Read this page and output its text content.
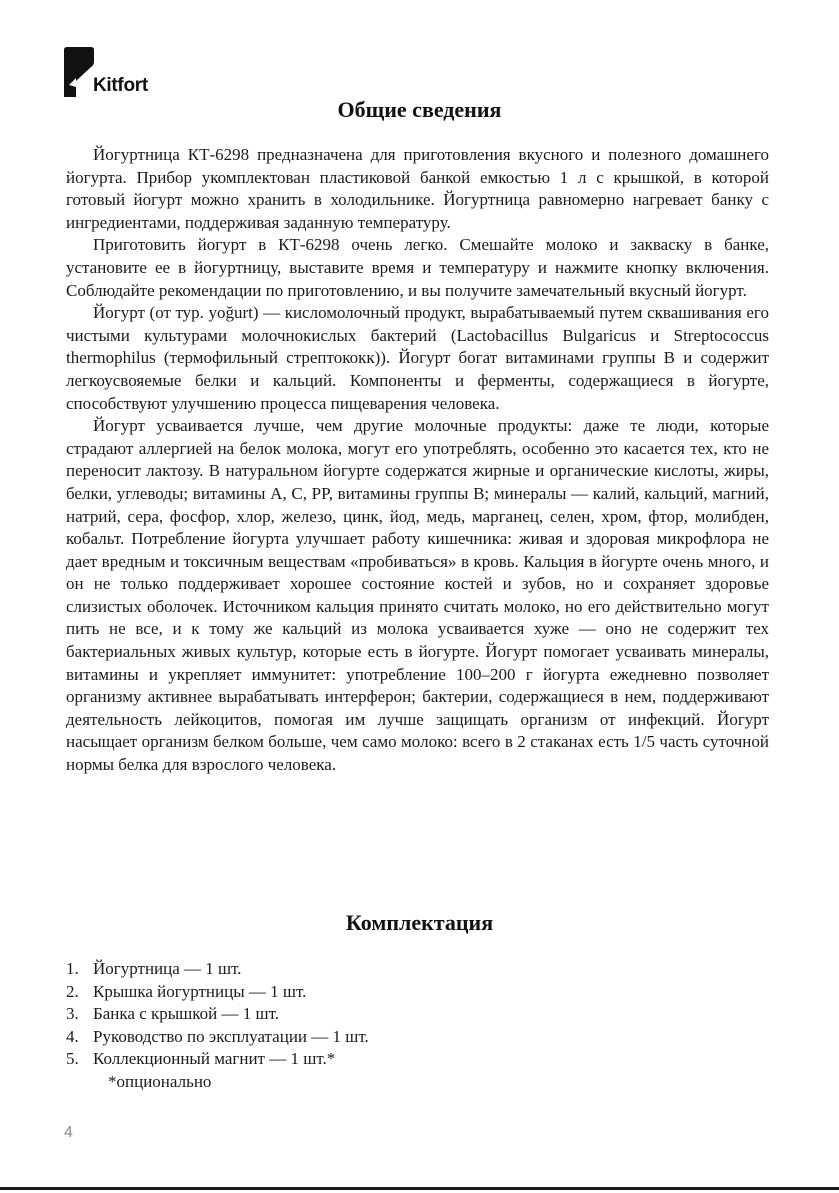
Kitfort
Общие сведения

Йогуртница КТ-6298 предназначена для приготовления вкусного и полезного домашнего йогурта. Прибор укомплектован пластиковой банкой емкостью 1 л с крышкой, в которой готовый йогурт можно хранить в холодильнике. Йогуртница равномерно нагревает банку с ингредиентами, поддерживая заданную температуру.

Приготовить йогурт в КТ-6298 очень легко. Смешайте молоко и закваску в банке, установите ее в йогуртницу, выставите время и температуру и нажмите кнопку включения. Соблюдайте рекомендации по приготовлению, и вы получите замечательный вкусный йогурт.

Йогурт (от тур. yoğurt) — кисломолочный продукт, вырабатываемый путем сквашивания его чистыми культурами молочнокислых бактерий (Lactobacillus Bulgaricus и Streptococcus thermophilus (термофильный стрептококк)). Йогурт богат витаминами группы В и содержит легкоусвояемые белки и кальций. Компоненты и ферменты, содержащиеся в йогурте, способствуют улучшению процесса пищеварения человека.

Йогурт усваивается лучше, чем другие молочные продукты: даже те люди, которые страдают аллергией на белок молока, могут его употреблять, особенно это касается тех, кто не переносит лактозу. В натуральном йогурте содержатся жирные и органические кислоты, жиры, белки, углеводы; витамины A, C, PP, витамины группы В; минералы — калий, кальций, магний, натрий, сера, фосфор, хлор, железо, цинк, йод, медь, марганец, селен, хром, фтор, молибден, кобальт. Потребление йогурта улучшает работу кишечника: живая и здоровая микрофлора не дает вредным и токсичным веществам «пробиваться» в кровь. Кальция в йогурте очень много, и он не только поддерживает хорошее состояние костей и зубов, но и сохраняет здоровье слизистых оболочек. Источником кальция принято считать молоко, но его действительно могут пить не все, и к тому же кальций из молока усваивается хуже — оно не содержит тех бактериальных живых культур, которые есть в йогурте. Йогурт помогает усваивать минералы, витамины и укрепляет иммунитет: употребление 100–200 г йогурта ежедневно позволяет организму активнее вырабатывать интерферон; бактерии, содержащиеся в нем, поддерживают деятельность лейкоцитов, помогая им лучше защищать организм от инфекций. Йогурт насыщает организм белком больше, чем само молоко: всего в 2 стаканах есть 1/5 часть суточной нормы белка для взрослого человека.

Комплектация
1. Йогуртница — 1 шт.
2. Крышка йогуртницы — 1 шт.
3. Банка с крышкой — 1 шт.
4. Руководство по эксплуатации — 1 шт.
5. Коллекционный магнит — 1 шт.*
*опционально
4
